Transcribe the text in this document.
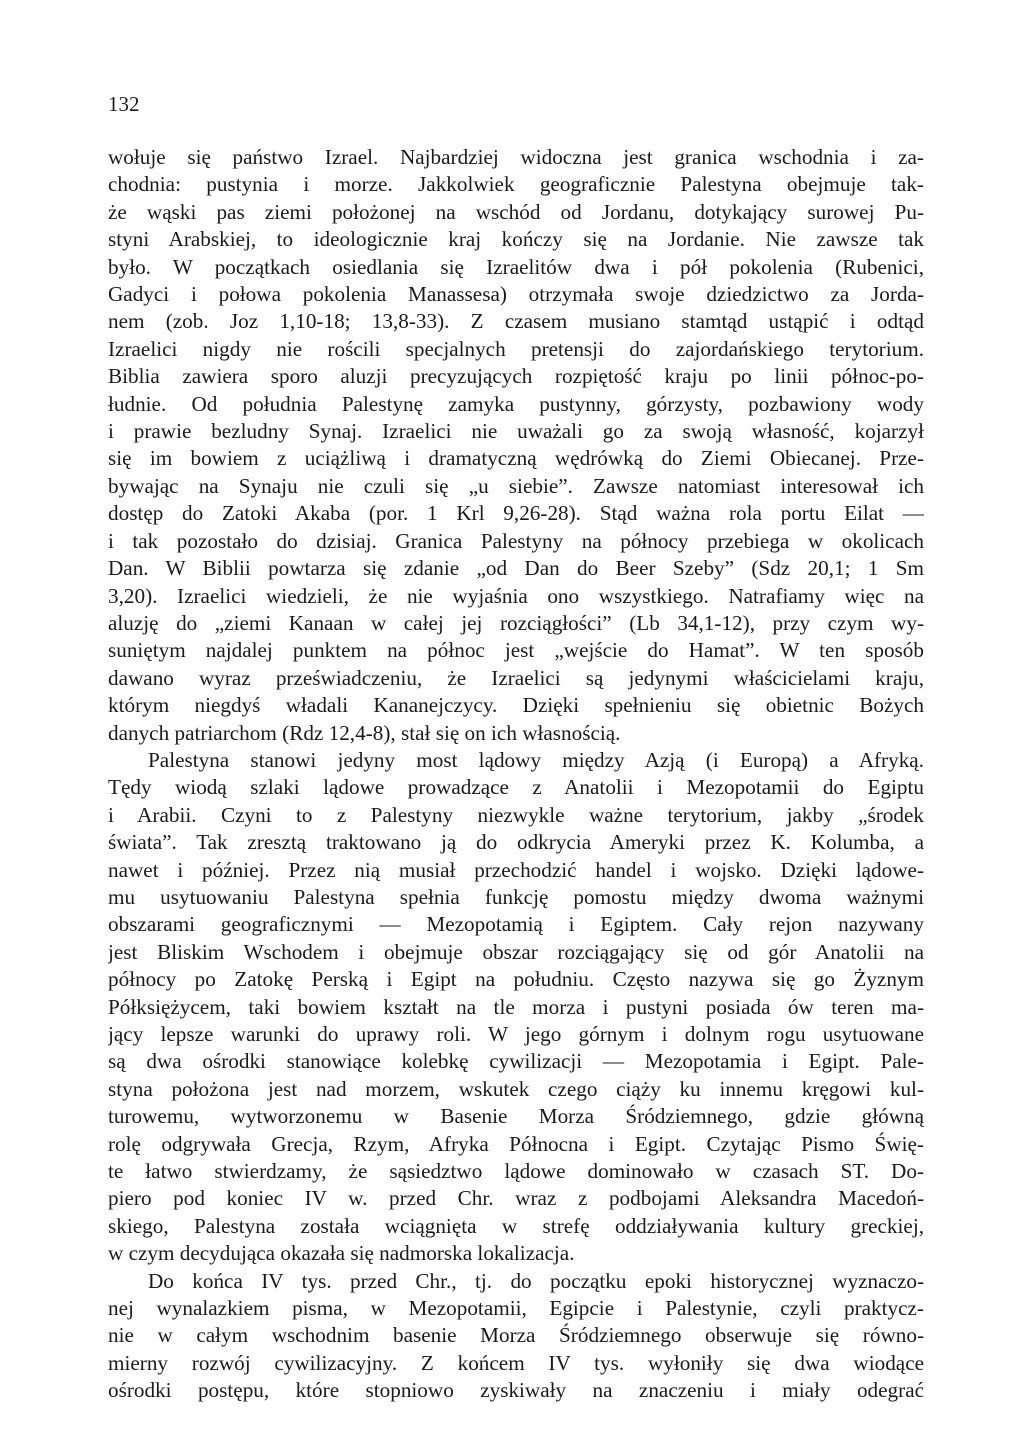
132
wołuje się państwo Izrael. Najbardziej widoczna jest granica wschodnia i za-
chodnia: pustynia i morze. Jakkolwiek geograficznie Palestyna obejmuje tak-
że wąski pas ziemi położonej na wschód od Jordanu, dotykający surowej Pu-
styni Arabskiej, to ideologicznie kraj kończy się na Jordanie. Nie zawsze tak
było. W początkach osiedlania się Izraelitów dwa i pół pokolenia (Rubenici,
Gadyci i połowa pokolenia Manassesa) otrzymała swoje dziedzictwo za Jorda-
nem (zob. Joz 1,10-18; 13,8-33). Z czasem musiano stamtąd ustąpić i odtąd
Izraelici nigdy nie rościli specjalnych pretensji do zajordańskiego terytorium.
Biblia zawiera sporo aluzji precyzujących rozpiętość kraju po linii północ-po-
łudnie. Od południa Palestynę zamyka pustynny, górzysty, pozbawiony wody
i prawie bezludny Synaj. Izraelici nie uważali go za swoją własność, kojarzył
się im bowiem z uciążliwą i dramatyczną wędrówką do Ziemi Obiecanej. Prze-
bywając na Synaju nie czuli się „u siebie”. Zawsze natomiast interesował ich
dostęp do Zatoki Akaba (por. 1 Krl 9,26-28). Stąd ważna rola portu Eilat —
i tak pozostało do dzisiaj. Granica Palestyny na północy przebiega w okolicach
Dan. W Biblii powtarza się zdanie „od Dan do Beer Szeby” (Sdz 20,1; 1 Sm
3,20). Izraelici wiedzieli, że nie wyjaśnia ono wszystkiego. Natrafiamy więc na
aluzję do „ziemi Kanaan w całej jej rozciągłości” (Lb 34,1-12), przy czym wy-
suniętym najdalej punktem na północ jest „wejście do Hamat”. W ten sposób
dawano wyraz przeświadczeniu, że Izraelici są jedynymi właścicielami kraju,
którym niegdyś władali Kananejczycy. Dzięki spełnieniu się obietnic Bożych
danych patriarchom (Rdz 12,4-8), stał się on ich własnością.
Palestyna stanowi jedyny most lądowy między Azją (i Europą) a Afryką.
Tędy wiodą szlaki lądowe prowadzące z Anatolii i Mezopotamii do Egiptu
i Arabii. Czyni to z Palestyny niezwykle ważne terytorium, jakby „środek
świata”. Tak zresztą traktowano ją do odkrycia Ameryki przez K. Kolumba, a
nawet i później. Przez nią musiał przechodzić handel i wojsko. Dzięki lądowe-
mu usytuowaniu Palestyna spełnia funkcję pomostu między dwoma ważnymi
obszarami geograficznymi — Mezopotamią i Egiptem. Cały rejon nazywany
jest Bliskim Wschodem i obejmuje obszar rozciągający się od gór Anatolii na
północy po Zatokę Perską i Egipt na południu. Często nazywa się go Żyznym
Półksiężycem, taki bowiem kształt na tle morza i pustyni posiada ów teren ma-
jący lepsze warunki do uprawy roli. W jego górnym i dolnym rogu usytuowane
są dwa ośrodki stanowiące kolebkę cywilizacji — Mezopotamia i Egipt. Pale-
styna położona jest nad morzem, wskutek czego ciąży ku innemu kręgowi kul-
turowemu, wytworzonemu w Basenie Morza Śródziemnego, gdzie główną
rolę odgrywała Grecja, Rzym, Afryka Północna i Egipt. Czytając Pismo Świę-
te łatwo stwierdzamy, że sąsiedztwo lądowe dominowało w czasach ST. Do-
piero pod koniec IV w. przed Chr. wraz z podbojami Aleksandra Macedoń-
skiego, Palestyna została wciągnięta w strefę oddziaływania kultury greckiej,
w czym decydująca okazała się nadmorska lokalizacja.
Do końca IV tys. przed Chr., tj. do początku epoki historycznej wyznaczo-
nej wynalazkiem pisma, w Mezopotamii, Egipcie i Palestynie, czyli praktycz-
nie w całym wschodnim basenie Morza Śródziemnego obserwuje się równo-
mierny rozwój cywilizacyjny. Z końcem IV tys. wyłoniły się dwa wiodące
ośrodki postępu, które stopniowo zyskiwały na znaczeniu i miały odegrać
